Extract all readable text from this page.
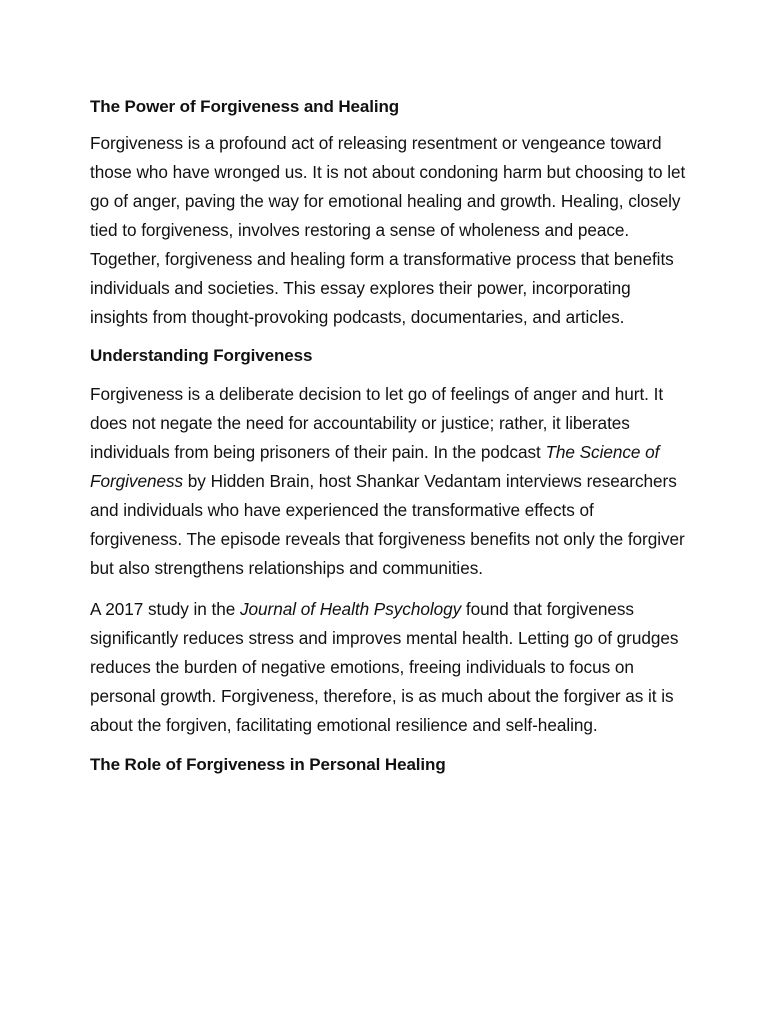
The Power of Forgiveness and Healing
Forgiveness is a profound act of releasing resentment or vengeance toward those who have wronged us. It is not about condoning harm but choosing to let go of anger, paving the way for emotional healing and growth. Healing, closely tied to forgiveness, involves restoring a sense of wholeness and peace. Together, forgiveness and healing form a transformative process that benefits individuals and societies. This essay explores their power, incorporating insights from thought-provoking podcasts, documentaries, and articles.
Understanding Forgiveness
Forgiveness is a deliberate decision to let go of feelings of anger and hurt. It does not negate the need for accountability or justice; rather, it liberates individuals from being prisoners of their pain. In the podcast The Science of Forgiveness by Hidden Brain, host Shankar Vedantam interviews researchers and individuals who have experienced the transformative effects of forgiveness. The episode reveals that forgiveness benefits not only the forgiver but also strengthens relationships and communities.
A 2017 study in the Journal of Health Psychology found that forgiveness significantly reduces stress and improves mental health. Letting go of grudges reduces the burden of negative emotions, freeing individuals to focus on personal growth. Forgiveness, therefore, is as much about the forgiver as it is about the forgiven, facilitating emotional resilience and self-healing.
The Role of Forgiveness in Personal Healing
